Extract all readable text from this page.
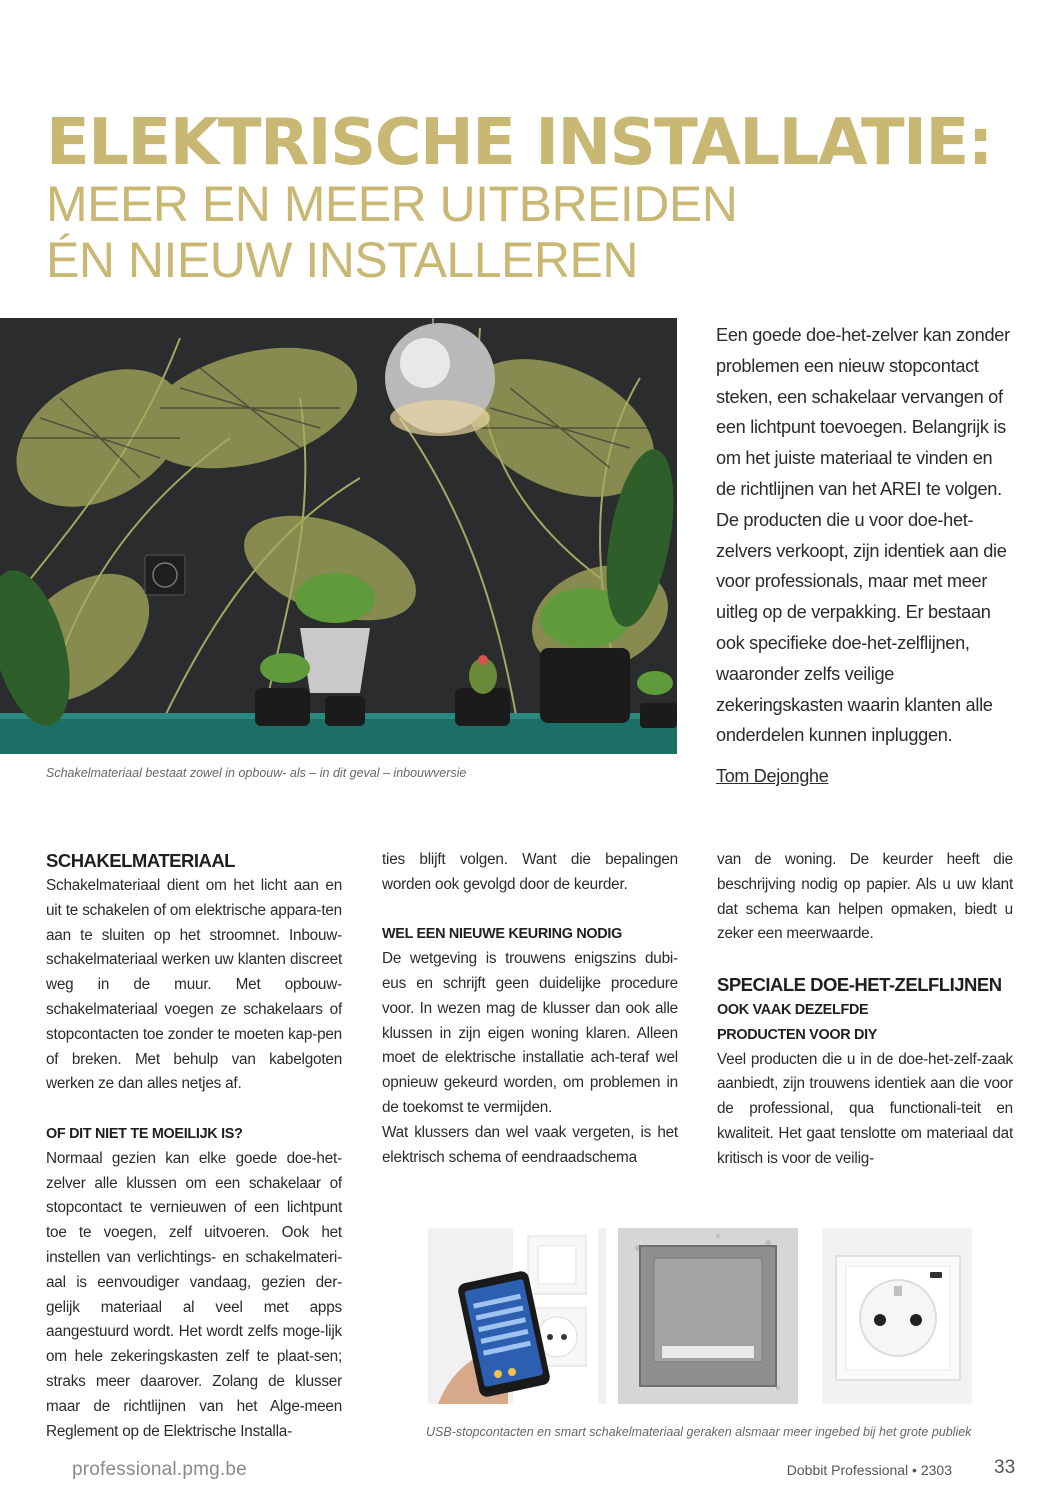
ELEKTRISCHE INSTALLATIE:
MEER EN MEER UITBREIDEN
ÉN NIEUW INSTALLEREN
Schakelmateriaal bestaat zowel in opbouw- als – in dit geval – inbouwversie
Een goede doe-het-zelver kan zonder problemen een nieuw stopcontact steken, een schakelaar vervangen of een lichtpunt toevoegen. Belangrijk is om het juiste materiaal te vinden en de richtlijnen van het AREI te volgen. De producten die u voor doe-het-zelvers verkoopt, zijn identiek aan die voor professionals, maar met meer uitleg op de verpakking. Er bestaan ook specifieke doe-het-zelflijnen, waaronder zelfs veilige zekeringskasten waarin klanten alle onderdelen kunnen inpluggen.
Tom Dejonghe
SCHAKELMATERIAAL

Schakelmateriaal dient om het licht aan en uit te schakelen of om elektrische appara-ten aan te sluiten op het stroomnet. Inbouw-schakelmateriaal werken uw klanten discreet weg in de muur. Met opbouw-schakelmateriaal voegen ze schakelaars of stopcontacten toe zonder te moeten kap-pen of breken. Met behulp van kabelgoten werken ze dan alles netjes af.

OF DIT NIET TE MOEILIJK IS?

Normaal gezien kan elke goede doe-het-zelver alle klussen om een schakelaar of stopcontact te vernieuwen of een lichtpunt toe te voegen, zelf uitvoeren. Ook het instellen van verlichtings- en schakelmateri-aal is eenvoudiger vandaag, gezien der-gelijk materiaal al veel met apps aangestuurd wordt. Het wordt zelfs moge-lijk om hele zekeringskasten zelf te plaat-sen; straks meer daarover. Zolang de klusser maar de richtlijnen van het Alge-meen Reglement op de Elektrische Installa-

ties blijft volgen. Want die bepalingen worden ook gevolgd door de keurder.

WEL EEN NIEUWE KEURING NODIG

De wetgeving is trouwens enigszins dubi-eus en schrijft geen duidelijke procedure voor. In wezen mag de klusser dan ook alle klussen in zijn eigen woning klaren. Alleen moet de elektrische installatie ach-teraf wel opnieuw gekeurd worden, om problemen in de toekomst te vermijden.

Wat klussers dan wel vaak vergeten, is het elektrisch schema of eendraadschema

van de woning. De keurder heeft die beschrijving nodig op papier. Als u uw klant dat schema kan helpen opmaken, biedt u zeker een meerwaarde.

SPECIALE DOE-HET-ZELFLIJNEN
OOK VAAK DEZELFDE
PRODUCTEN VOOR DIY

Veel producten die u in de doe-het-zelf-zaak aanbiedt, zijn trouwens identiek aan die voor de professional, qua functionali-teit en kwaliteit. Het gaat tenslotte om materiaal dat kritisch is voor de veilig-

USB-stopcontacten en smart schakelmateriaal geraken alsmaar meer ingebed bij het grote publiek
professional.pmg.be	Dobbit Professional • 2303 33
